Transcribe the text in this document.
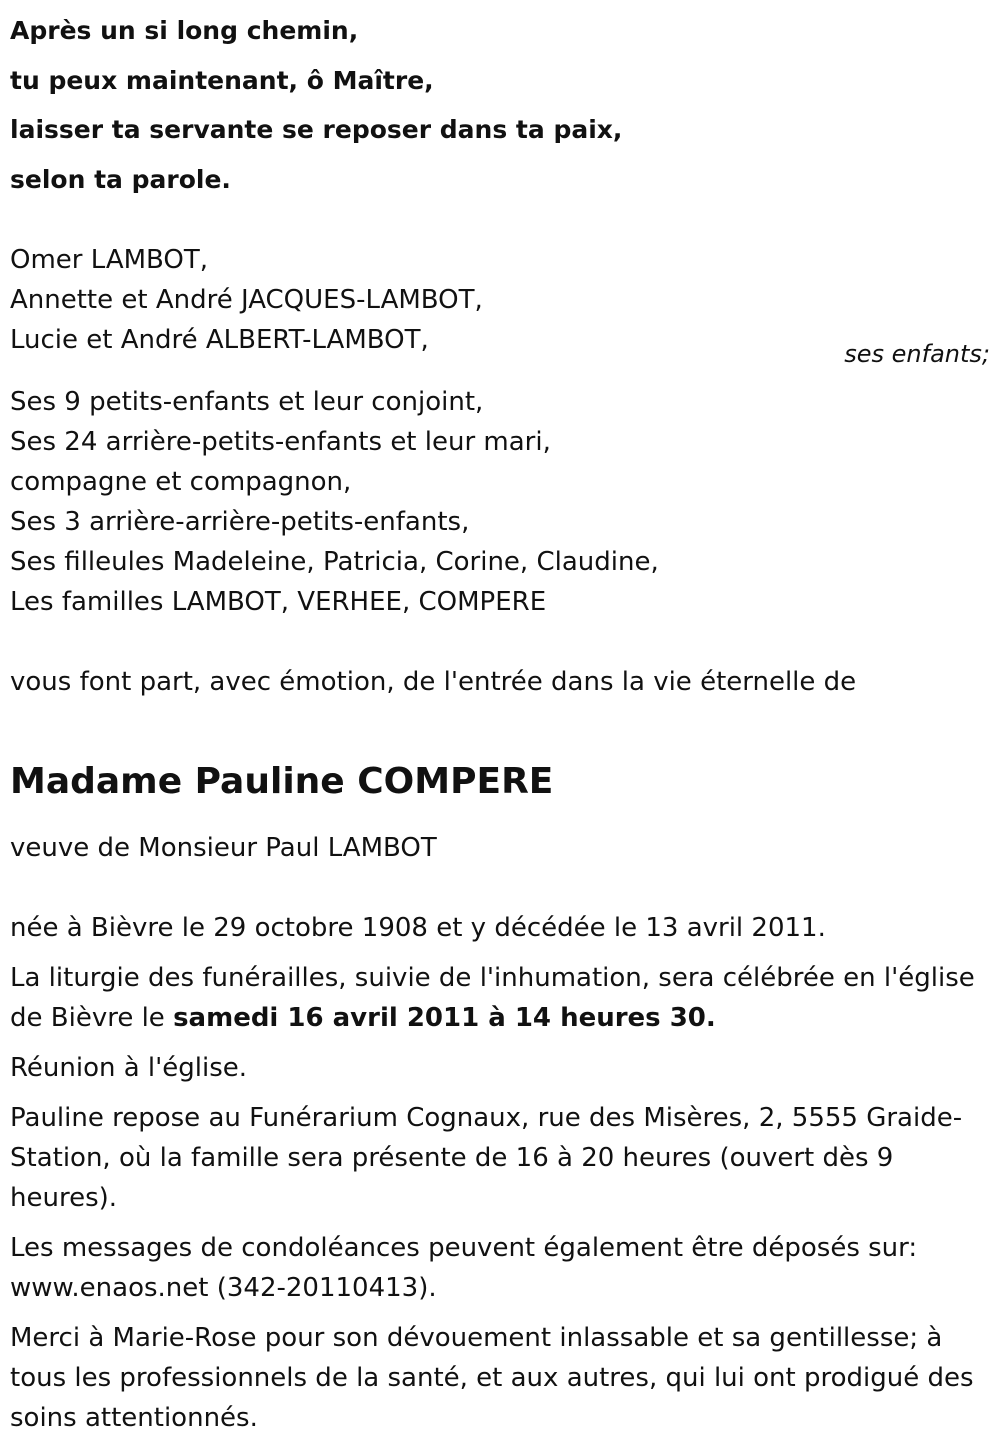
Après un si long chemin,

tu peux maintenant, ô Maître,

laisser ta servante se reposer dans ta paix,

selon ta parole.

Omer LAMBOT,

Annette et André JACQUES-LAMBOT,

Lucie et André ALBERT-LAMBOT,	ses enfants;

Ses 9 petits-enfants et leur conjoint,

Ses 24 arrière-petits-enfants et leur mari,

compagne et compagnon,

Ses 3 arrière-arrière-petits-enfants,

Ses filleules Madeleine, Patricia, Corine, Claudine,

Les familles LAMBOT, VERHEE, COMPERE

vous font part, avec émotion, de l'entrée dans la vie éternelle de

Madame Pauline COMPERE

veuve de Monsieur Paul LAMBOT

née à Bièvre le 29 octobre 1908 et y décédée le 13 avril 2011.

La liturgie des funérailles, suivie de l'inhumation, sera célébrée en l'église de Bièvre le samedi 16 avril 2011 à 14 heures 30.

Réunion à l'église.

Pauline repose au Funérarium Cognaux, rue des Misères, 2, 5555 Graide-Station, où la famille sera présente de 16 à 20 heures (ouvert dès 9 heures).

Les messages de condoléances peuvent également être déposés sur: www.enaos.net (342-20110413).

Merci à Marie-Rose pour son dévouement inlassable et sa gentillesse; à tous les professionnels de la santé, et aux autres, qui lui ont prodigué des soins attentionnés.
